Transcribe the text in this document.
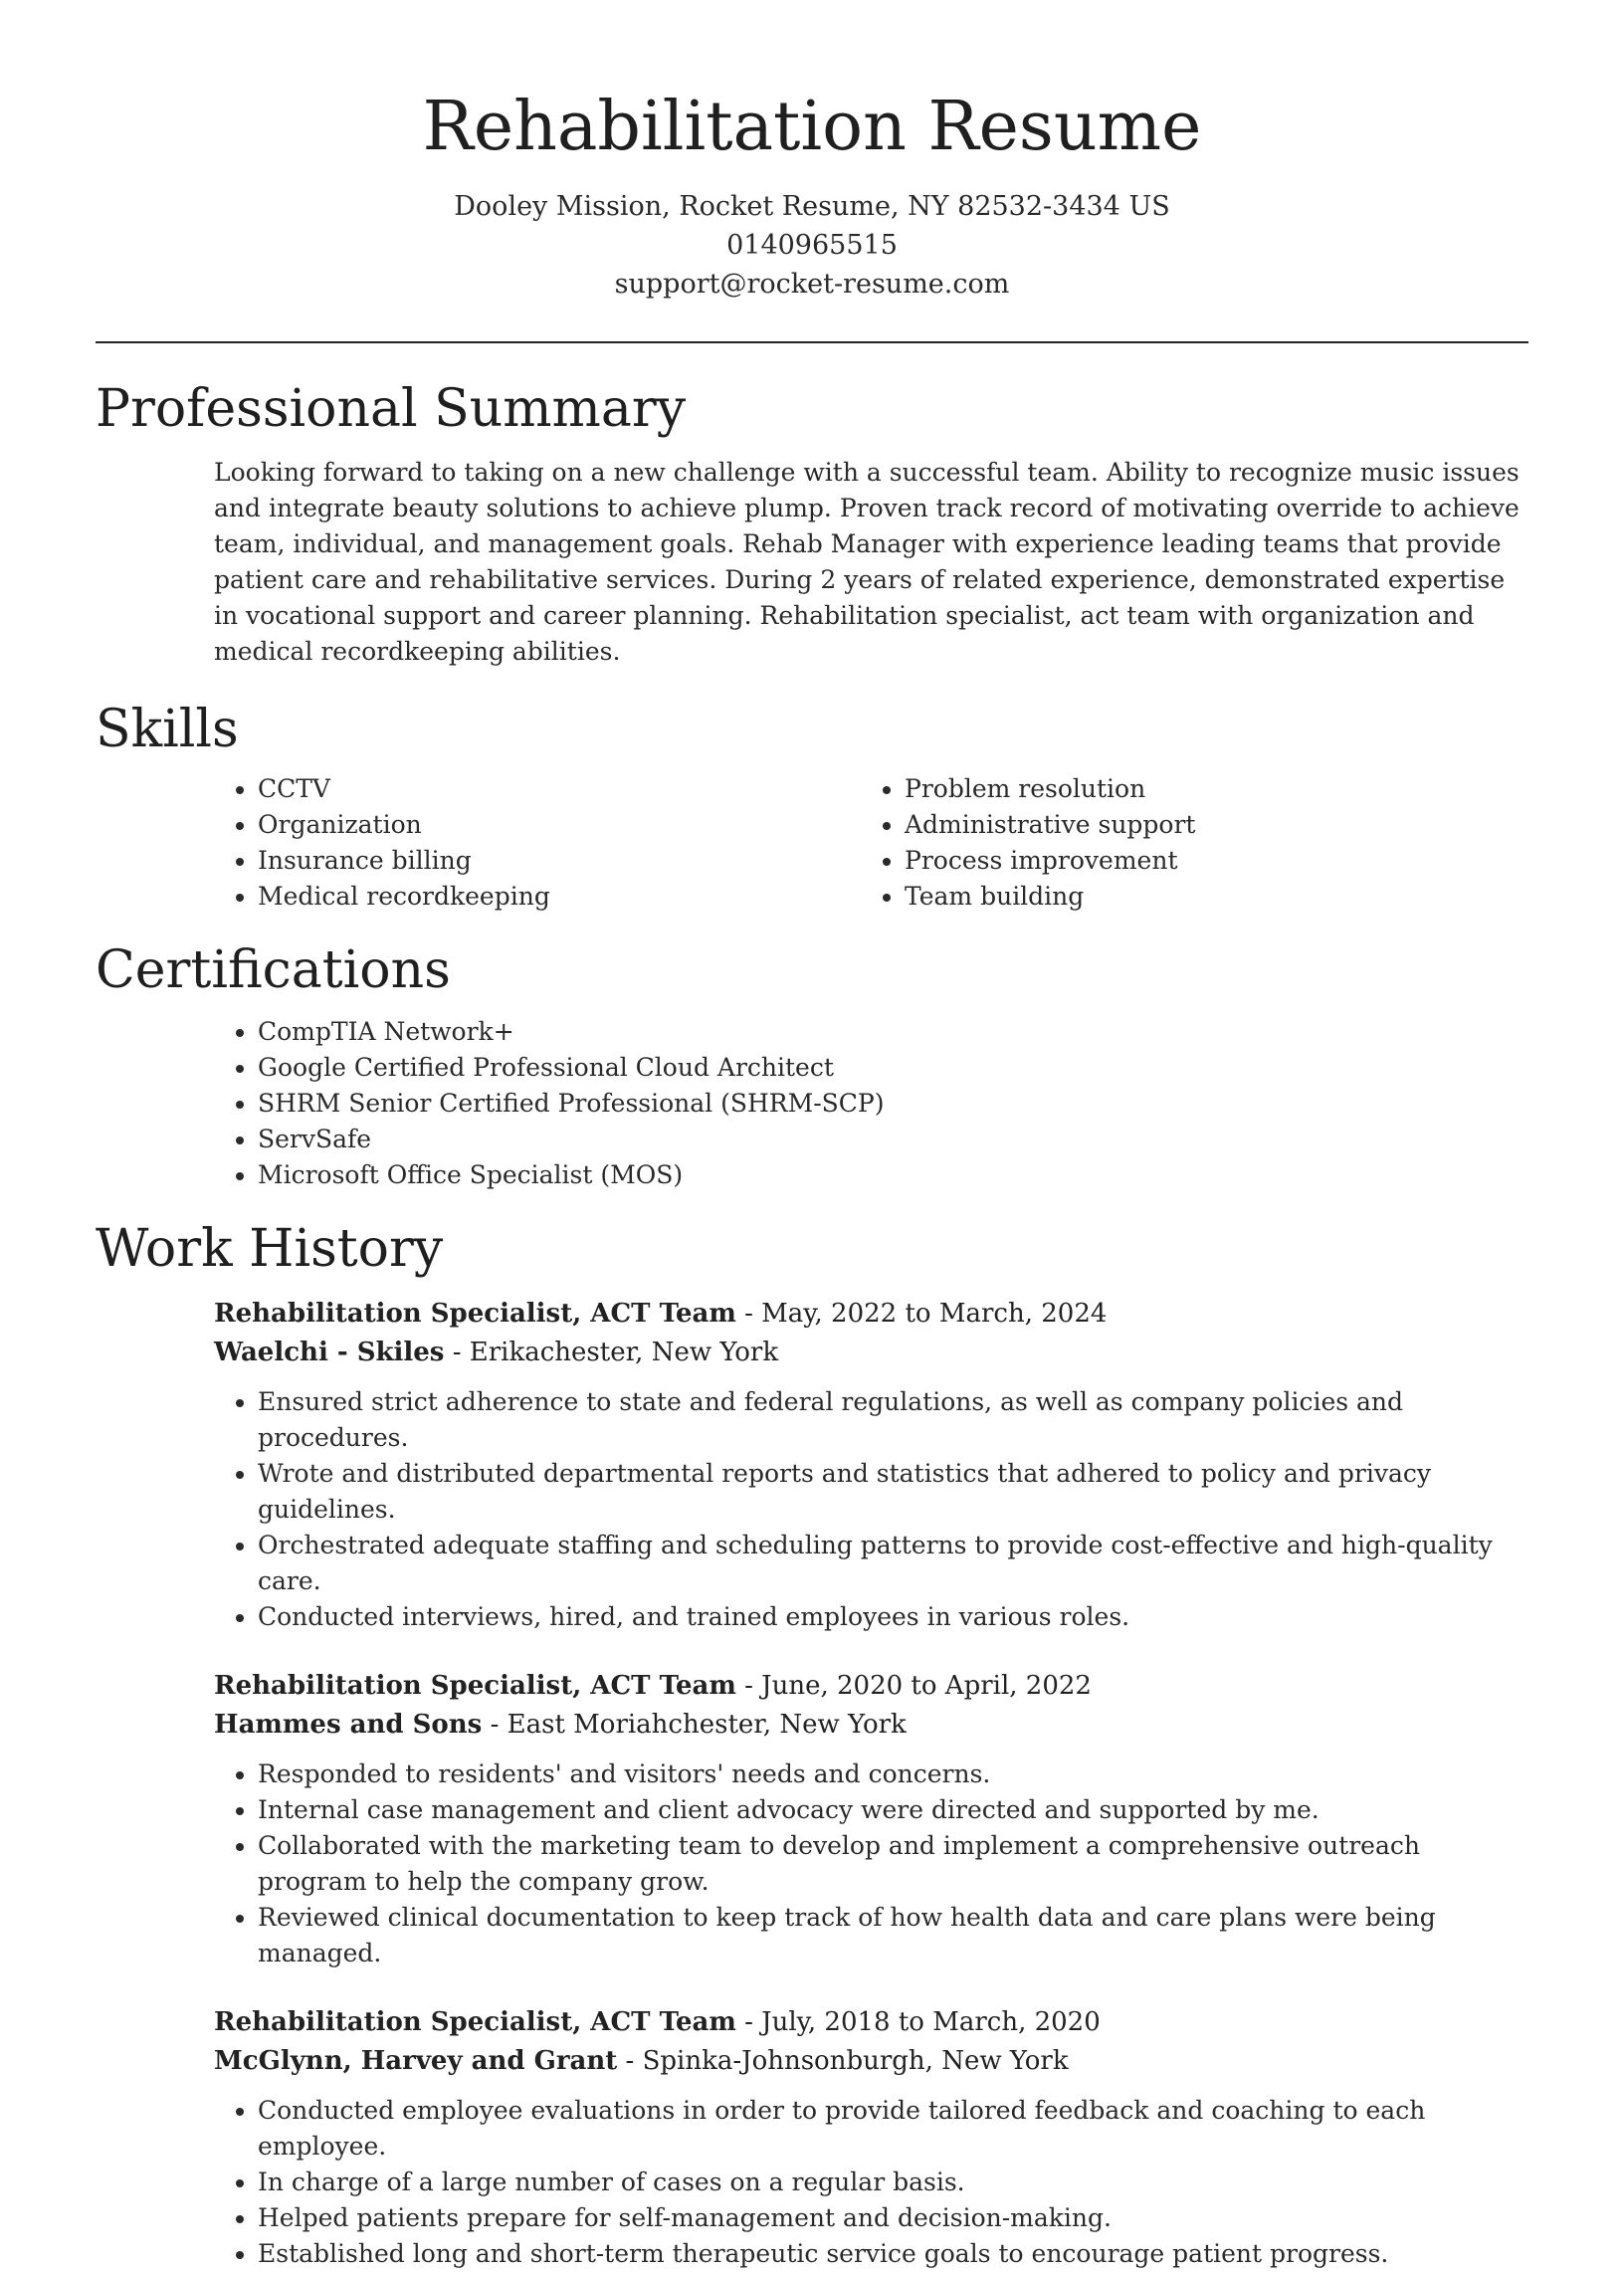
Rehabilitation Resume
Dooley Mission, Rocket Resume, NY 82532-3434 US
0140965515
support@rocket-resume.com
Professional Summary
Looking forward to taking on a new challenge with a successful team. Ability to recognize music issues and integrate beauty solutions to achieve plump. Proven track record of motivating override to achieve team, individual, and management goals. Rehab Manager with experience leading teams that provide patient care and rehabilitative services. During 2 years of related experience, demonstrated expertise in vocational support and career planning. Rehabilitation specialist, act team with organization and medical recordkeeping abilities.
Skills
• CCTV
• Organization
• Insurance billing
• Medical recordkeeping
• Problem resolution
• Administrative support
• Process improvement
• Team building
Certifications
• CompTIA Network+
• Google Certified Professional Cloud Architect
• SHRM Senior Certified Professional (SHRM-SCP)
• ServSafe
• Microsoft Office Specialist (MOS)
Work History
Rehabilitation Specialist, ACT Team - May, 2022 to March, 2024
Waelchi - Skiles - Erikachester, New York
• Ensured strict adherence to state and federal regulations, as well as company policies and procedures.
• Wrote and distributed departmental reports and statistics that adhered to policy and privacy guidelines.
• Orchestrated adequate staffing and scheduling patterns to provide cost-effective and high-quality care.
• Conducted interviews, hired, and trained employees in various roles.
Rehabilitation Specialist, ACT Team - June, 2020 to April, 2022
Hammes and Sons - East Moriahchester, New York
• Responded to residents' and visitors' needs and concerns.
• Internal case management and client advocacy were directed and supported by me.
• Collaborated with the marketing team to develop and implement a comprehensive outreach program to help the company grow.
• Reviewed clinical documentation to keep track of how health data and care plans were being managed.
Rehabilitation Specialist, ACT Team - July, 2018 to March, 2020
McGlynn, Harvey and Grant - Spinka-Johnsonburgh, New York
• Conducted employee evaluations in order to provide tailored feedback and coaching to each employee.
• In charge of a large number of cases on a regular basis.
• Helped patients prepare for self-management and decision-making.
• Established long and short-term therapeutic service goals to encourage patient progress.
